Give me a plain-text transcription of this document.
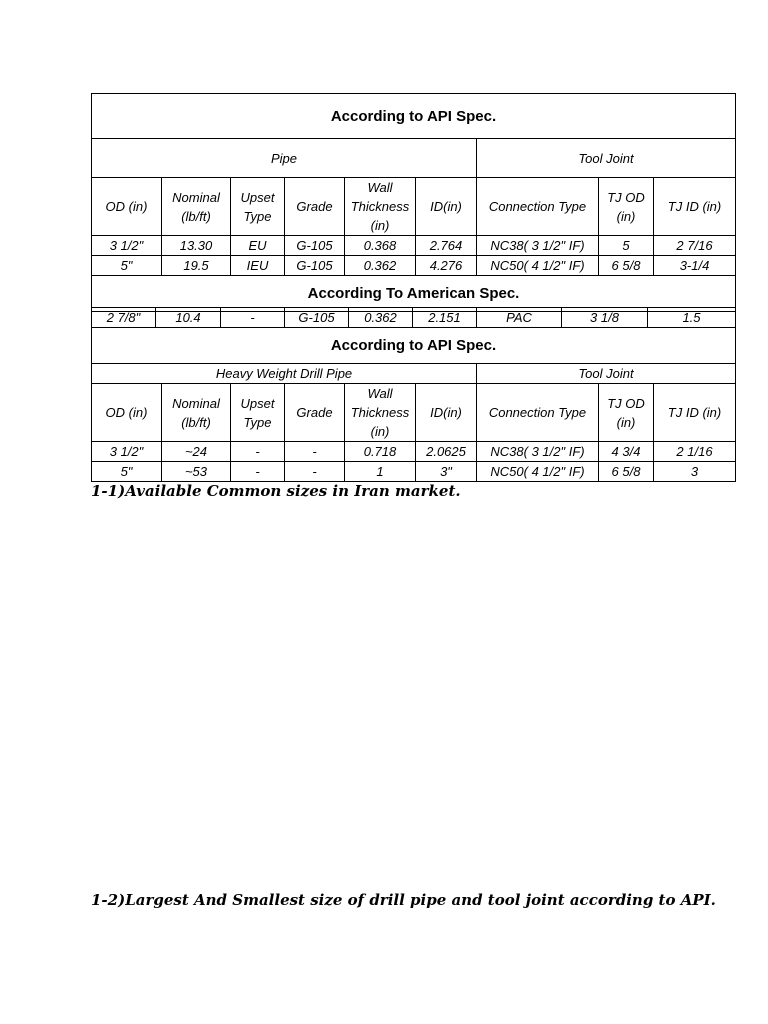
According to API Spec.								
Pipe						Tool Joint		
OD (in)	Nominal (lb/ft)	Upset Type	Grade	Wall Thickness (in)	ID(in)	Connection Type	TJ OD (in)	TJ ID (in)
3 1/2"	13.30	EU	G-105	0.368	2.764	NC38( 3 1/2" IF)	5	2 7/16
5"	19.5	IEU	G-105	0.362	4.276	NC50( 4 1/2" IF)	6 5/8	3-1/4
According To American Spec.								
2 7/8"	10.4	-	G-105	0.362	2.151	PAC	3 1/8	1.5
According to API Spec.								
Heavy Weight Drill Pipe						Tool Joint		
OD (in)	Nominal (lb/ft)	Upset Type	Grade	Wall Thickness (in)	ID(in)	Connection Type	TJ OD (in)	TJ ID (in)
3 1/2"	~24	-	-	0.718	2.0625	NC38( 3 1/2" IF)	4 3/4	2 1/16
5"	~53	-	-	1	3"	NC50( 4 1/2" IF)	6 5/8	3
1-1)Available Common sizes in Iran market.
1-2)Largest And Smallest size of drill pipe and tool joint according to API.
